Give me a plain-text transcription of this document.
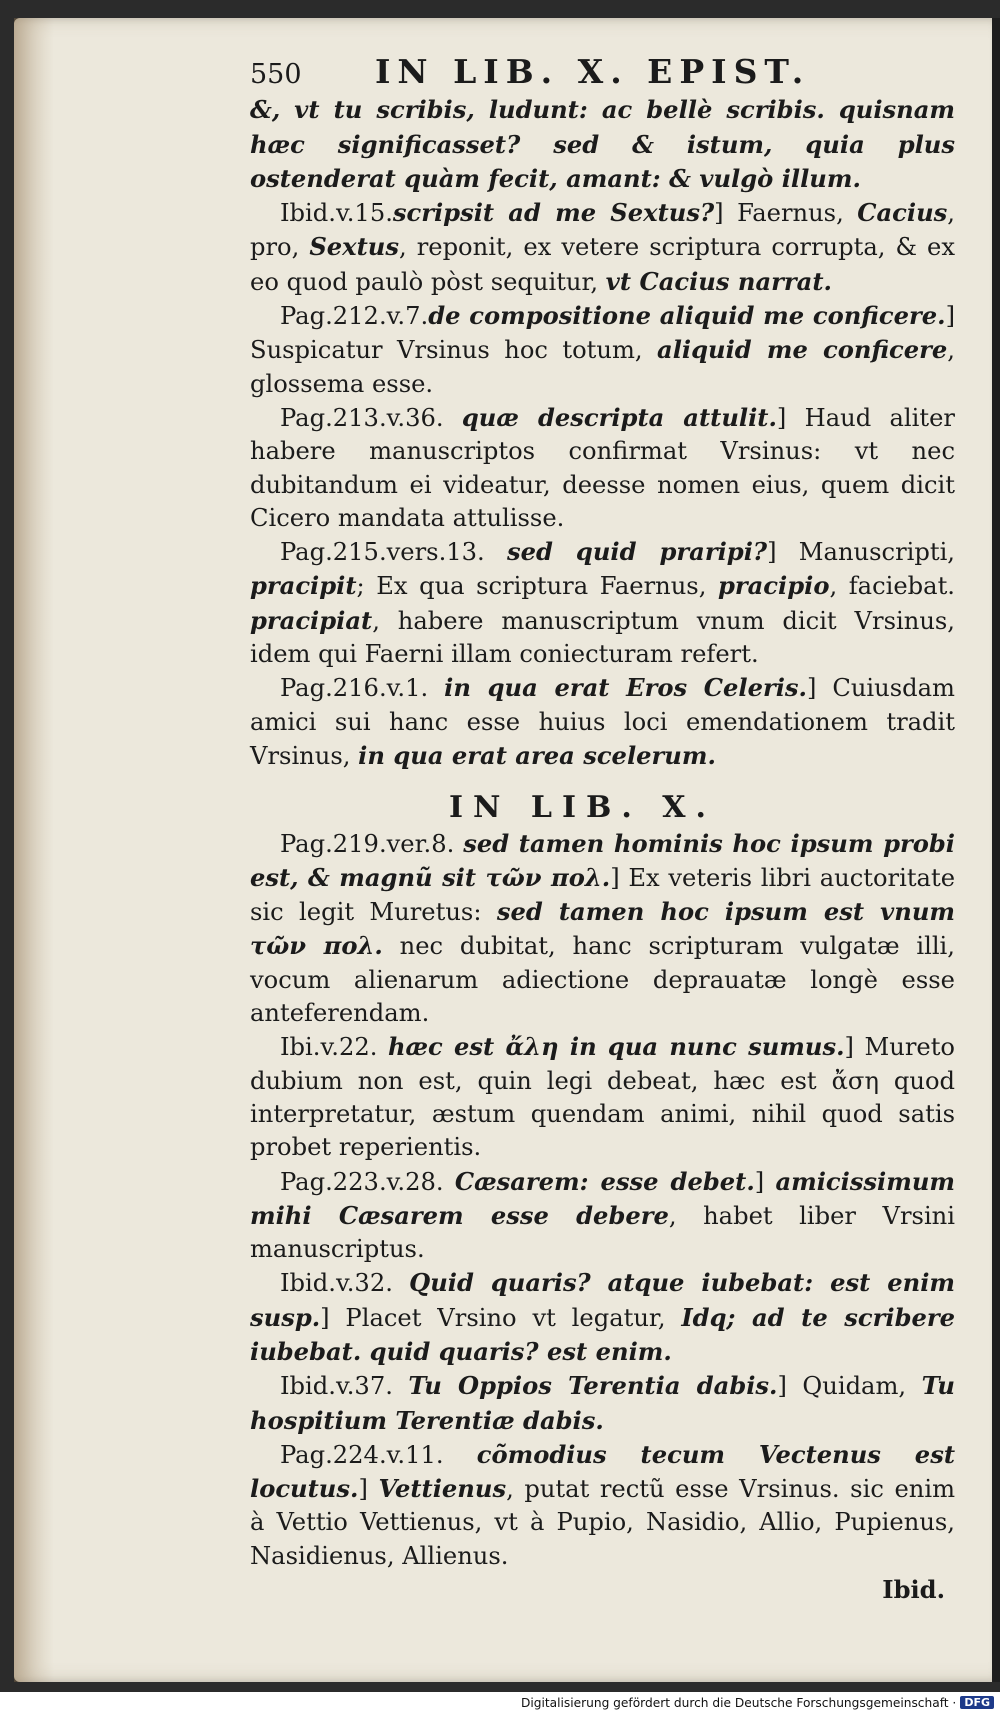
550	IN LIB. X. EPIST.

&, vt tu scribis, ludunt: ac bellè scribis. quisnam hæc significasset? sed & istum, quia plus ostenderat quàm fecit, amant: & vulgò illum.

Ibid.v.15.scripsit ad me Sextus?] Faernus, Cacius, pro, Sextus, reponit, ex vetere scriptura corrupta, & ex eo quod paulò pòst sequitur, vt Cacius narrat.

Pag.212.v.7.de compositione aliquid me conficere.] Suspicatur Vrsinus hoc totum, aliquid me conficere, glossema esse.

Pag.213.v.36. quæ descripta attulit.] Haud aliter habere manuscriptos confirmat Vrsinus: vt nec dubitandum ei videatur, deesse nomen eius, quem dicit Cicero mandata attulisse.

Pag.215.vers.13. sed quid praripi?] Manuscripti, pracipit; Ex qua scriptura Faernus, pracipio, faciebat. pracipiat, habere manuscriptum vnum dicit Vrsinus, idem qui Faerni illam coniecturam refert.

Pag.216.v.1. in qua erat Eros Celeris.] Cuiusdam amici sui hanc esse huius loci emendationem tradit Vrsinus, in qua erat area scelerum.

IN LIB. X.

Pag.219.ver.8. sed tamen hominis hoc ipsum probi est, & magnũ sit τῶν πολ.] Ex veteris libri auctoritate sic legit Muretus: sed tamen hoc ipsum est vnum τῶν πολ. nec dubitat, hanc scripturam vulgatæ illi, vocum alienarum adiectione deprauatæ longè esse anteferendam.

Ibi.v.22. hæc est ἄλη in qua nunc sumus.] Mureto dubium non est, quin legi debeat, hæc est ἄση quod interpretatur, æstum quendam animi, nihil quod satis probet reperientis.

Pag.223.v.28. Cæsarem: esse debet.] amicissimum mihi Cæsarem esse debere, habet liber Vrsini manuscriptus.

Ibid.v.32. Quid quaris? atque iubebat: est enim susp.] Placet Vrsino vt legatur, Idq; ad te scribere iubebat. quid quaris? est enim.

Ibid.v.37. Tu Oppios Terentia dabis.] Quidam, Tu hospitium Terentiæ dabis.

Pag.224.v.11. cõmodius tecum Vectenus est locutus.] Vettienus, putat rectũ esse Vrsinus. sic enim à Vettio Vettienus, vt à Pupio, Nasidio, Allio, Pupienus, Nasidienus, Allienus.

Ibid.
Digitalisierung gefördert durch die Deutsche Forschungsgemeinschaft · DFG
